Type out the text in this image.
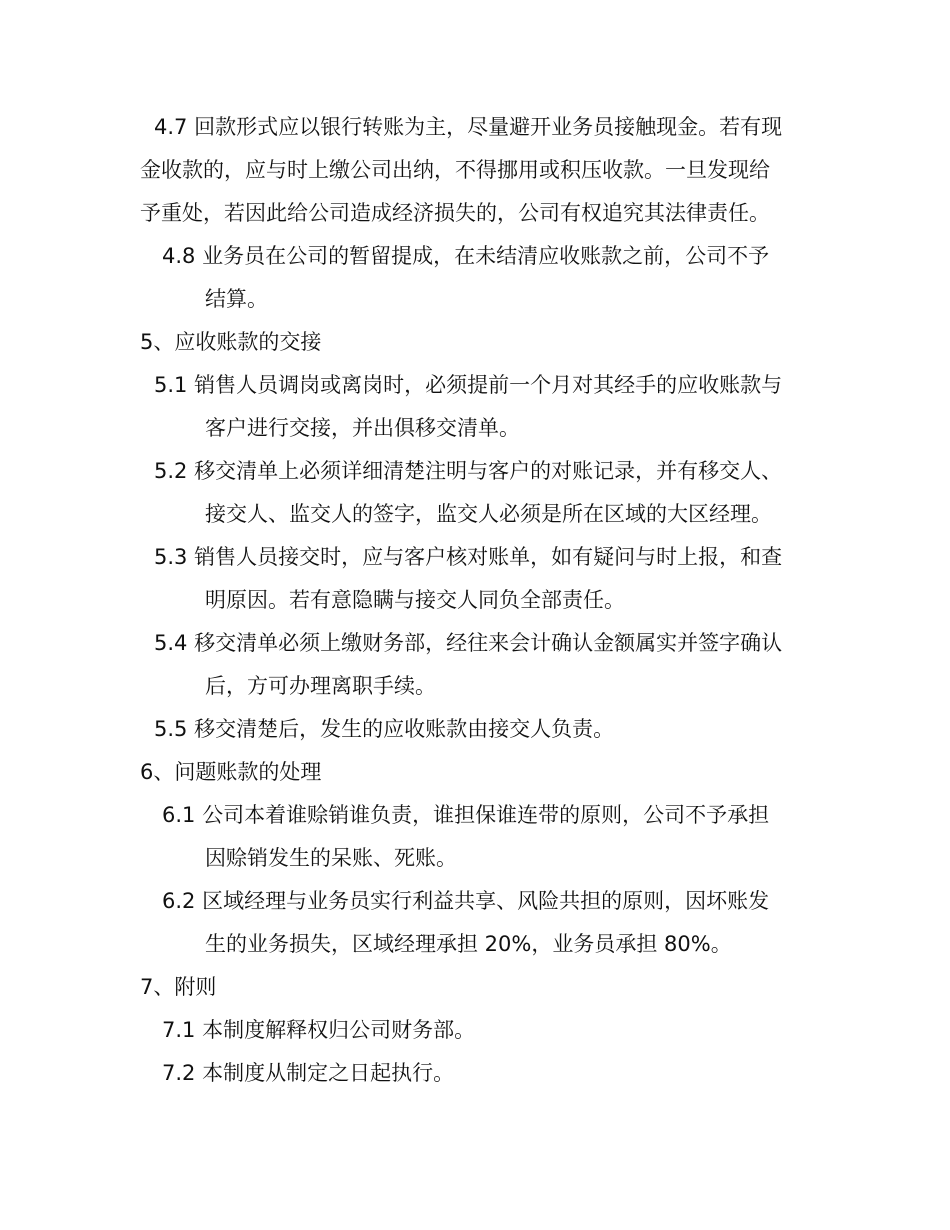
4.7 回款形式应以银行转账为主，尽量避开业务员接触现金。若有现
金收款的，应与时上缴公司出纳，不得挪用或积压收款。一旦发现给
予重处，若因此给公司造成经济损失的，公司有权追究其法律责任。
4.8 业务员在公司的暂留提成，在未结清应收账款之前，公司不予
结算。
5、应收账款的交接
5.1 销售人员调岗或离岗时，必须提前一个月对其经手的应收账款与
客户进行交接，并出俱移交清单。
5.2 移交清单上必须详细清楚注明与客户的对账记录，并有移交人、
接交人、监交人的签字，监交人必须是所在区域的大区经理。
5.3 销售人员接交时，应与客户核对账单，如有疑问与时上报，和查
明原因。若有意隐瞒与接交人同负全部责任。
5.4 移交清单必须上缴财务部，经往来会计确认金额属实并签字确认
后，方可办理离职手续。
5.5 移交清楚后，发生的应收账款由接交人负责。
6、问题账款的处理
6.1 公司本着谁赊销谁负责，谁担保谁连带的原则，公司不予承担
因赊销发生的呆账、死账。
6.2 区域经理与业务员实行利益共享、风险共担的原则，因坏账发
生的业务损失，区域经理承担 20%，业务员承担 80%。
7、附则
7.1 本制度解释权归公司财务部。
7.2 本制度从制定之日起执行。
